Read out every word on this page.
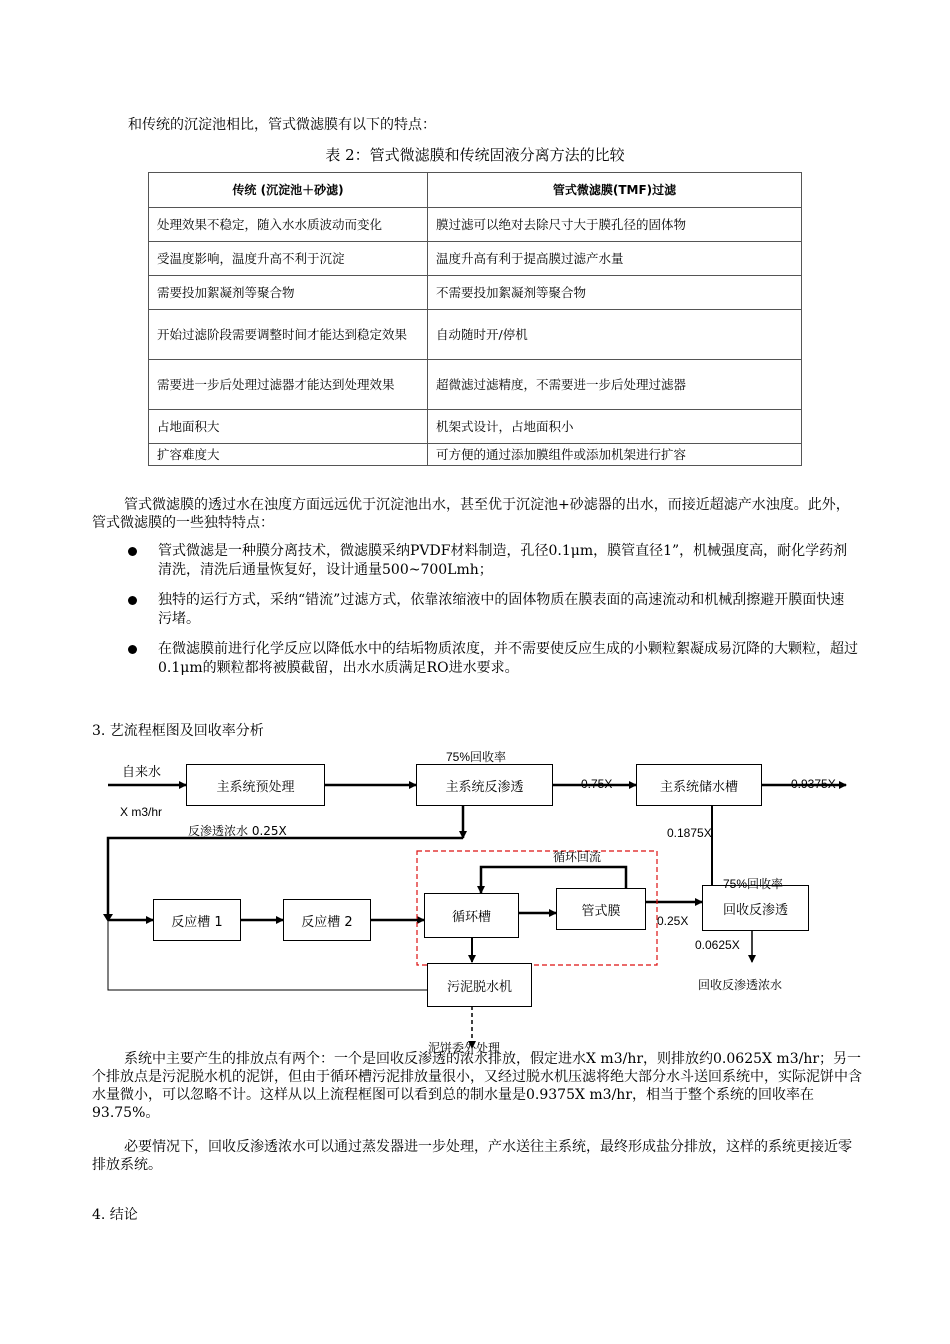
和传统的沉淀池相比，管式微滤膜有以下的特点：
表 2：管式微滤膜和传统固液分离方法的比较
传统 (沉淀池＋砂滤)	管式微滤膜(TMF)过滤
处理效果不稳定，随入水水质波动而变化	膜过滤可以绝对去除尺寸大于膜孔径的固体物
受温度影响，温度升高不利于沉淀	温度升高有利于提高膜过滤产水量
需要投加絮凝剂等聚合物	不需要投加絮凝剂等聚合物
开始过滤阶段需要调整时间才能达到稳定效果	自动随时开/停机
需要进一步后处理过滤器才能达到处理效果	超微滤过滤精度，不需要进一步后处理过滤器
占地面积大	机架式设计，占地面积小
扩容难度大	可方便的通过添加膜组件或添加机架进行扩容
管式微滤膜的透过水在浊度方面远远优于沉淀池出水，甚至优于沉淀池+砂滤器的出水，而接近超滤产水浊度。此外，管式微滤膜的一些独特特点：
管式微滤是一种膜分离技术，微滤膜采纳PVDF材料制造，孔径0.1μm，膜管直径1”，机械强度高，耐化学药剂清洗，清洗后通量恢复好，设计通量500~700Lmh；
独特的运行方式，采纳“错流”过滤方式，依靠浓缩液中的固体物质在膜表面的高速流动和机械刮擦避开膜面快速污堵。
在微滤膜前进行化学反应以降低水中的结垢物质浓度，并不需要使反应生成的小颗粒絮凝成易沉降的大颗粒，超过0.1μm的颗粒都将被膜截留，出水水质满足RO进水要求。
3. 艺流程框图及回收率分析
主系统预处理	主系统反渗透	主系统储水槽
反应槽 1	反应槽 2	循环槽	管式膜	回收反渗透
污泥脱水机
自来水
X m3/hr
75%回收率
0.75X	0.9375X
反渗透浓水 0.25X	0.1875X
循环回流
75%回收率
0.25X
0.0625X
回收反渗透浓水
泥饼委外处理
系统中主要产生的排放点有两个：一个是回收反渗透的浓水排放，假定进水X m3/hr，则排放约0.0625X m3/hr；另一个排放点是污泥脱水机的泥饼，但由于循环槽污泥排放量很小，又经过脱水机压滤将绝大部分水斗送回系统中，实际泥饼中含水量微小，可以忽略不计。这样从以上流程框图可以看到总的制水量是0.9375X m3/hr，相当于整个系统的回收率在93.75%。
必要情况下，回收反渗透浓水可以通过蒸发器进一步处理，产水送往主系统，最终形成盐分排放，这样的系统更接近零排放系统。
4. 结论
